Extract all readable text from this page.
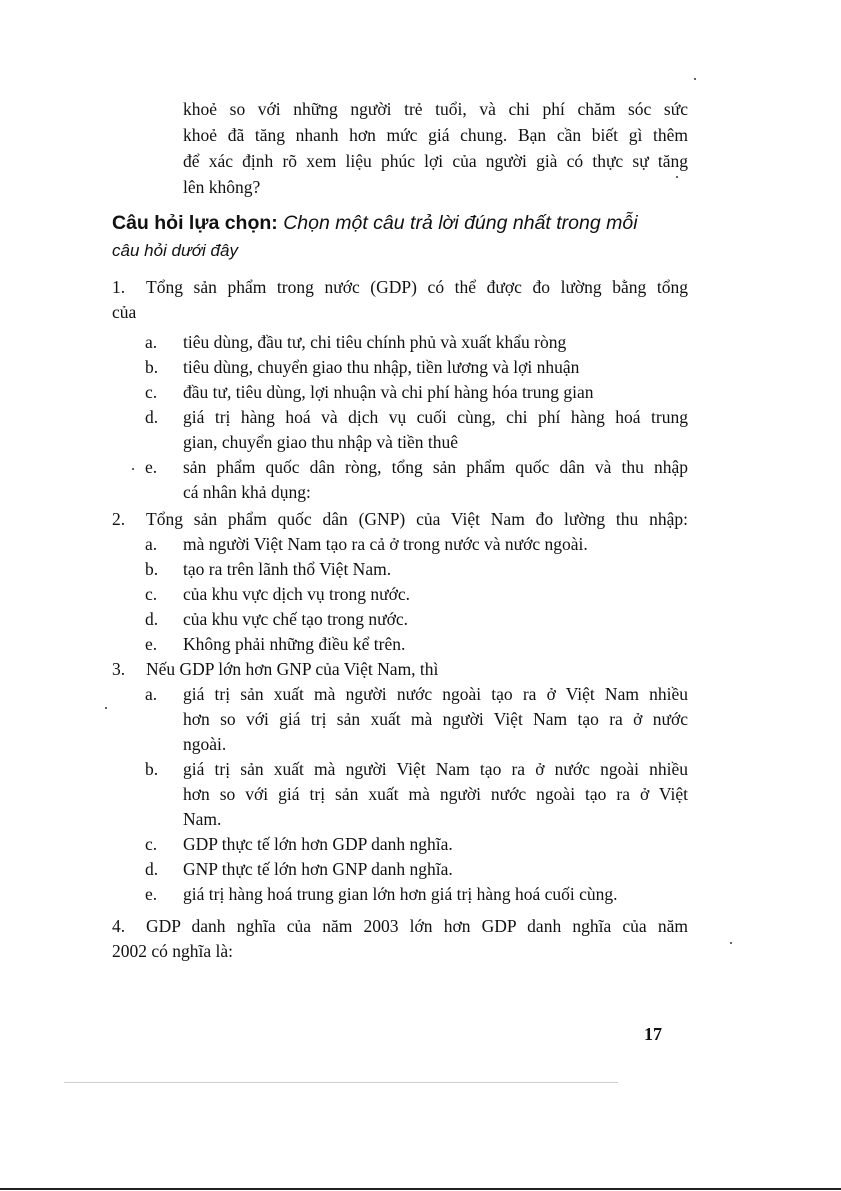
khoẻ so với những người trẻ tuổi, và chi phí chăm sóc sức
khoẻ đã tăng nhanh hơn mức giá chung. Bạn cần biết gì thêm
để xác định rõ xem liệu phúc lợi của người già có thực sự tăng
lên không?
Câu hỏi lựa chọn: Chọn một câu trả lời đúng nhất trong mỗi
câu hỏi dưới đây
1.	Tổng sản phẩm trong nước (GDP) có thể được đo lường bằng tổng
của
a.	tiêu dùng, đầu tư, chi tiêu chính phủ và xuất khẩu ròng
b.	tiêu dùng, chuyển giao thu nhập, tiền lương và lợi nhuận
c.	đầu tư, tiêu dùng, lợi nhuận và chi phí hàng hóa trung gian
d.	giá trị hàng hoá và dịch vụ cuối cùng, chi phí hàng hoá trung
gian, chuyển giao thu nhập và tiền thuê
e.	sản phẩm quốc dân ròng, tổng sản phẩm quốc dân và thu nhập
cá nhân khả dụng:
2.	Tổng sản phẩm quốc dân (GNP) của Việt Nam đo lường thu nhập:
a.	mà người Việt Nam tạo ra cả ở trong nước và nước ngoài.
b.	tạo ra trên lãnh thổ Việt Nam.
c.	của khu vực dịch vụ trong nước.
d.	của khu vực chế tạo trong nước.
e.	Không phải những điều kể trên.
3.	Nếu GDP lớn hơn GNP của Việt Nam, thì
a.	giá trị sản xuất mà người nước ngoài tạo ra ở Việt Nam nhiều
hơn so với giá trị sản xuất mà người Việt Nam tạo ra ở nước
ngoài.
b.	giá trị sản xuất mà người Việt Nam tạo ra ở nước ngoài nhiều
hơn so với giá trị sản xuất mà người nước ngoài tạo ra ở Việt
Nam.
c.	GDP thực tế lớn hơn GDP danh nghĩa.
d.	GNP thực tế lớn hơn GNP danh nghĩa.
e.	giá trị hàng hoá trung gian lớn hơn giá trị hàng hoá cuối cùng.
4.	GDP danh nghĩa của năm 2003 lớn hơn GDP danh nghĩa của năm
2002 có nghĩa là:
17
